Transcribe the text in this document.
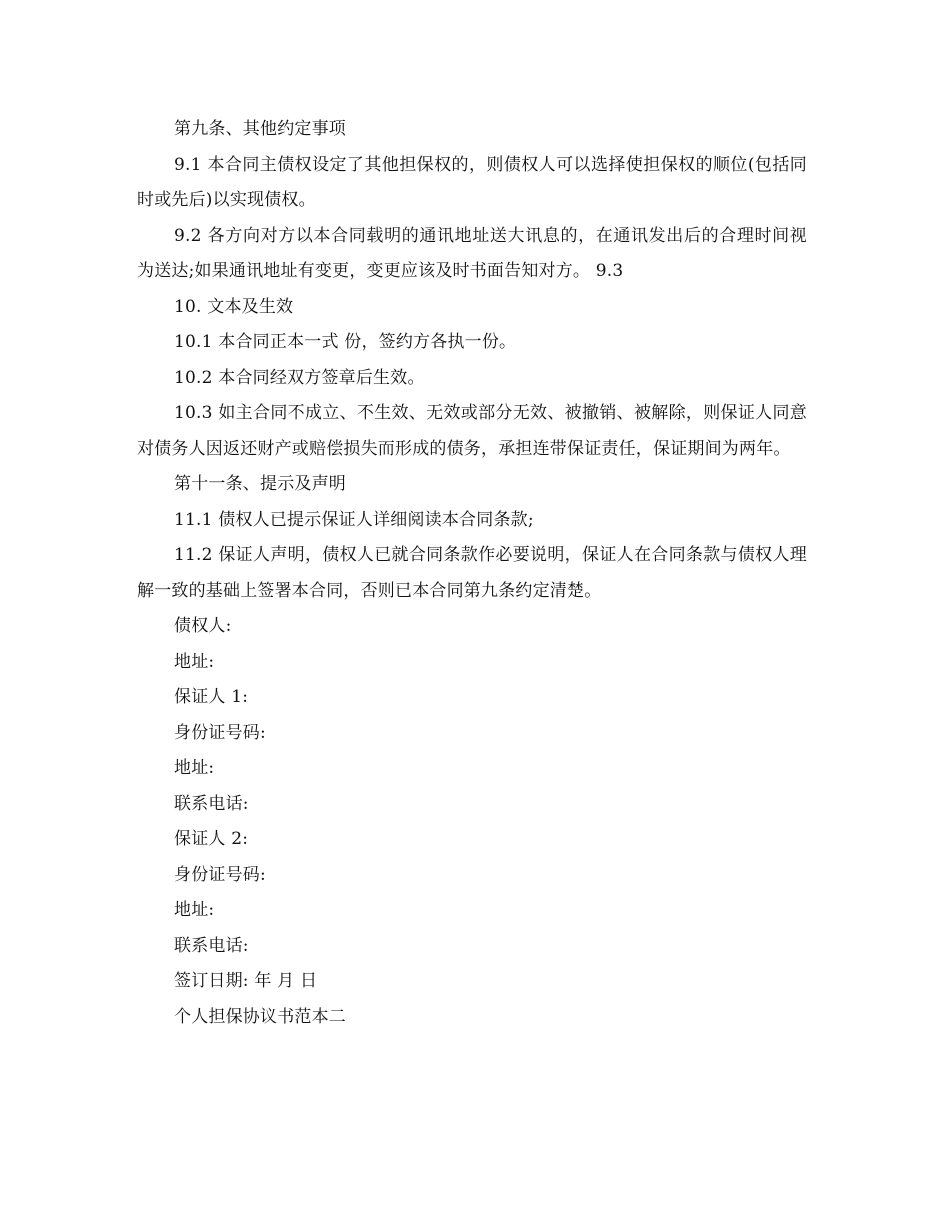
第九条、其他约定事项
9.1 本合同主债权设定了其他担保权的，则债权人可以选择使担保权的顺位(包括同时或先后)以实现债权。
9.2 各方向对方以本合同载明的通讯地址送大讯息的，在通讯发出后的合理时间视为送达;如果通讯地址有变更，变更应该及时书面告知对方。 9.3
10. 文本及生效
10.1 本合同正本一式 份，签约方各执一份。
10.2 本合同经双方签章后生效。
10.3 如主合同不成立、不生效、无效或部分无效、被撤销、被解除，则保证人同意对债务人因返还财产或赔偿损失而形成的债务，承担连带保证责任，保证期间为两年。
第十一条、提示及声明
11.1 债权人已提示保证人详细阅读本合同条款;
11.2 保证人声明，债权人已就合同条款作必要说明，保证人在合同条款与债权人理解一致的基础上签署本合同，否则已本合同第九条约定清楚。
债权人:
地址:
保证人 1:
身份证号码:
地址:
联系电话:
保证人 2:
身份证号码:
地址:
联系电话:
签订日期: 年 月 日
个人担保协议书范本二
